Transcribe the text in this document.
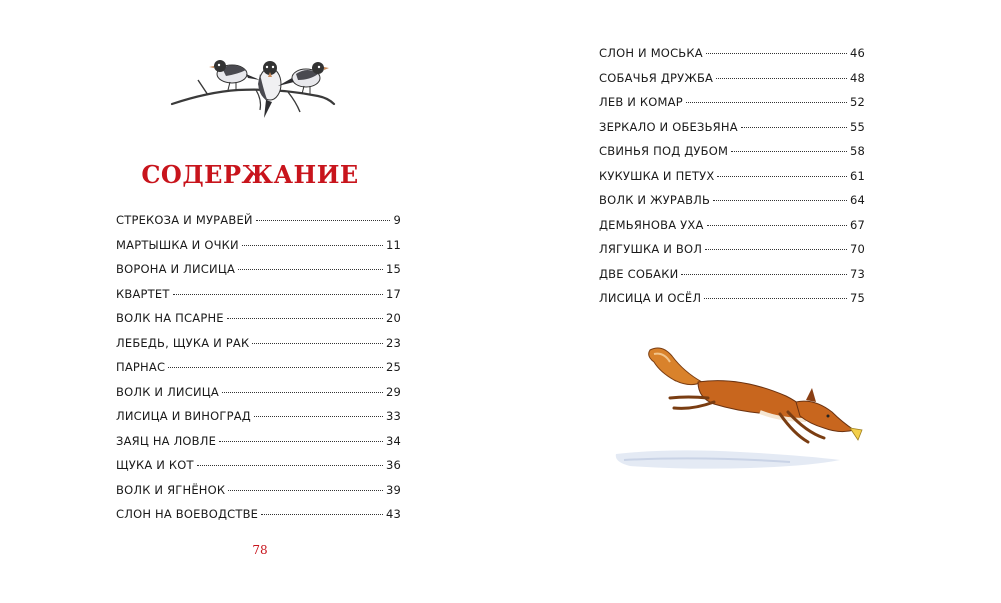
СОДЕРЖАНИЕ
СТРЕКОЗА И МУРАВЕЙ	9
МАРТЫШКА И ОЧКИ	11
ВОРОНА И ЛИСИЦА	15
КВАРТЕТ	17
ВОЛК НА ПСАРНЕ	20
ЛЕБЕДЬ, ЩУКА И РАК	23
ПАРНАС	25
ВОЛК И ЛИСИЦА	29
ЛИСИЦА И ВИНОГРАД	33
ЗАЯЦ НА ЛОВЛЕ	34
ЩУКА И КОТ	36
ВОЛК И ЯГНЁНОК	39
СЛОН НА ВОЕВОДСТВЕ	43
78
СЛОН И МОСЬКА	46
СОБАЧЬЯ ДРУЖБА	48
ЛЕВ И КОМАР	52
ЗЕРКАЛО И ОБЕЗЬЯНА	55
СВИНЬЯ ПОД ДУБОМ	58
КУКУШКА И ПЕТУХ	61
ВОЛК И ЖУРАВЛЬ	64
ДЕМЬЯНОВА УХА	67
ЛЯГУШКА И ВОЛ	70
ДВЕ СОБАКИ	73
ЛИСИЦА И ОСЁЛ	75
